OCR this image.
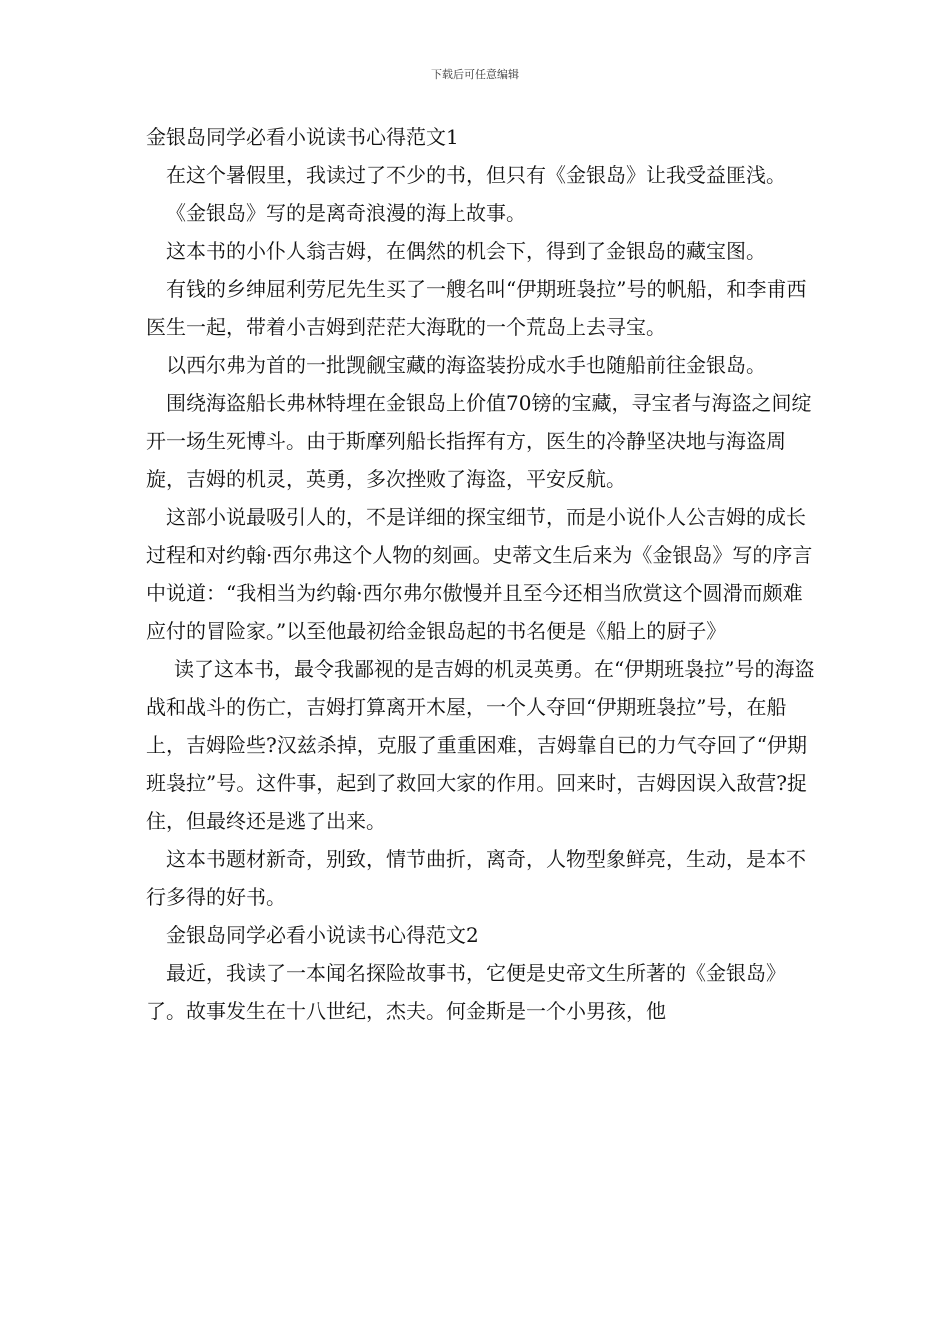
下载后可任意编辑

金银岛同学必看小说读书心得范文1

在这个暑假里，我读过了不少的书，但只有《金银岛》让我受益匪浅。

《金银岛》写的是离奇浪漫的海上故事。

这本书的小仆人翁吉姆，在偶然的机会下，得到了金银岛的藏宝图。

有钱的乡绅屈利劳尼先生买了一艘名叫“伊期班袅拉”号的帆船，和李甫西医生一起，带着小吉姆到茫茫大海耽的一个荒岛上去寻宝。

以西尔弗为首的一批觊觎宝藏的海盗装扮成水手也随船前往金银岛。

围绕海盗船长弗林特埋在金银岛上价值70镑的宝藏，寻宝者与海盗之间绽开一场生死博斗。由于斯摩列船长指挥有方，医生的冷静坚决地与海盗周旋，吉姆的机灵，英勇，多次挫败了海盗，平安反航。

这部小说最吸引人的，不是详细的探宝细节，而是小说仆人公吉姆的成长过程和对约翰·西尔弗这个人物的刻画。史蒂文生后来为《金银岛》写的序言中说道：“我相当为约翰·西尔弗尔傲慢并且至今还相当欣赏这个圆滑而颇难应付的冒险家。”以至他最初给金银岛起的书名便是《船上的厨子》

读了这本书，最令我鄙视的是吉姆的机灵英勇。在“伊期班袅拉”号的海盗战和战斗的伤亡，吉姆打算离开木屋，一个人夺回“伊期班袅拉”号，在船上，吉姆险些?汉兹杀掉，克服了重重困难，吉姆靠自已的力气夺回了“伊期班袅拉”号。这件事，起到了救回大家的作用。回来时，吉姆因误入敌营?捉住，但最终还是逃了出来。

这本书题材新奇，别致，情节曲折，离奇，人物型象鲜亮，生动，是本不行多得的好书。

金银岛同学必看小说读书心得范文2

最近，我读了一本闻名探险故事书，它便是史帝文生所著的《金银岛》了。故事发生在十八世纪，杰夫。何金斯是一个小男孩，他
